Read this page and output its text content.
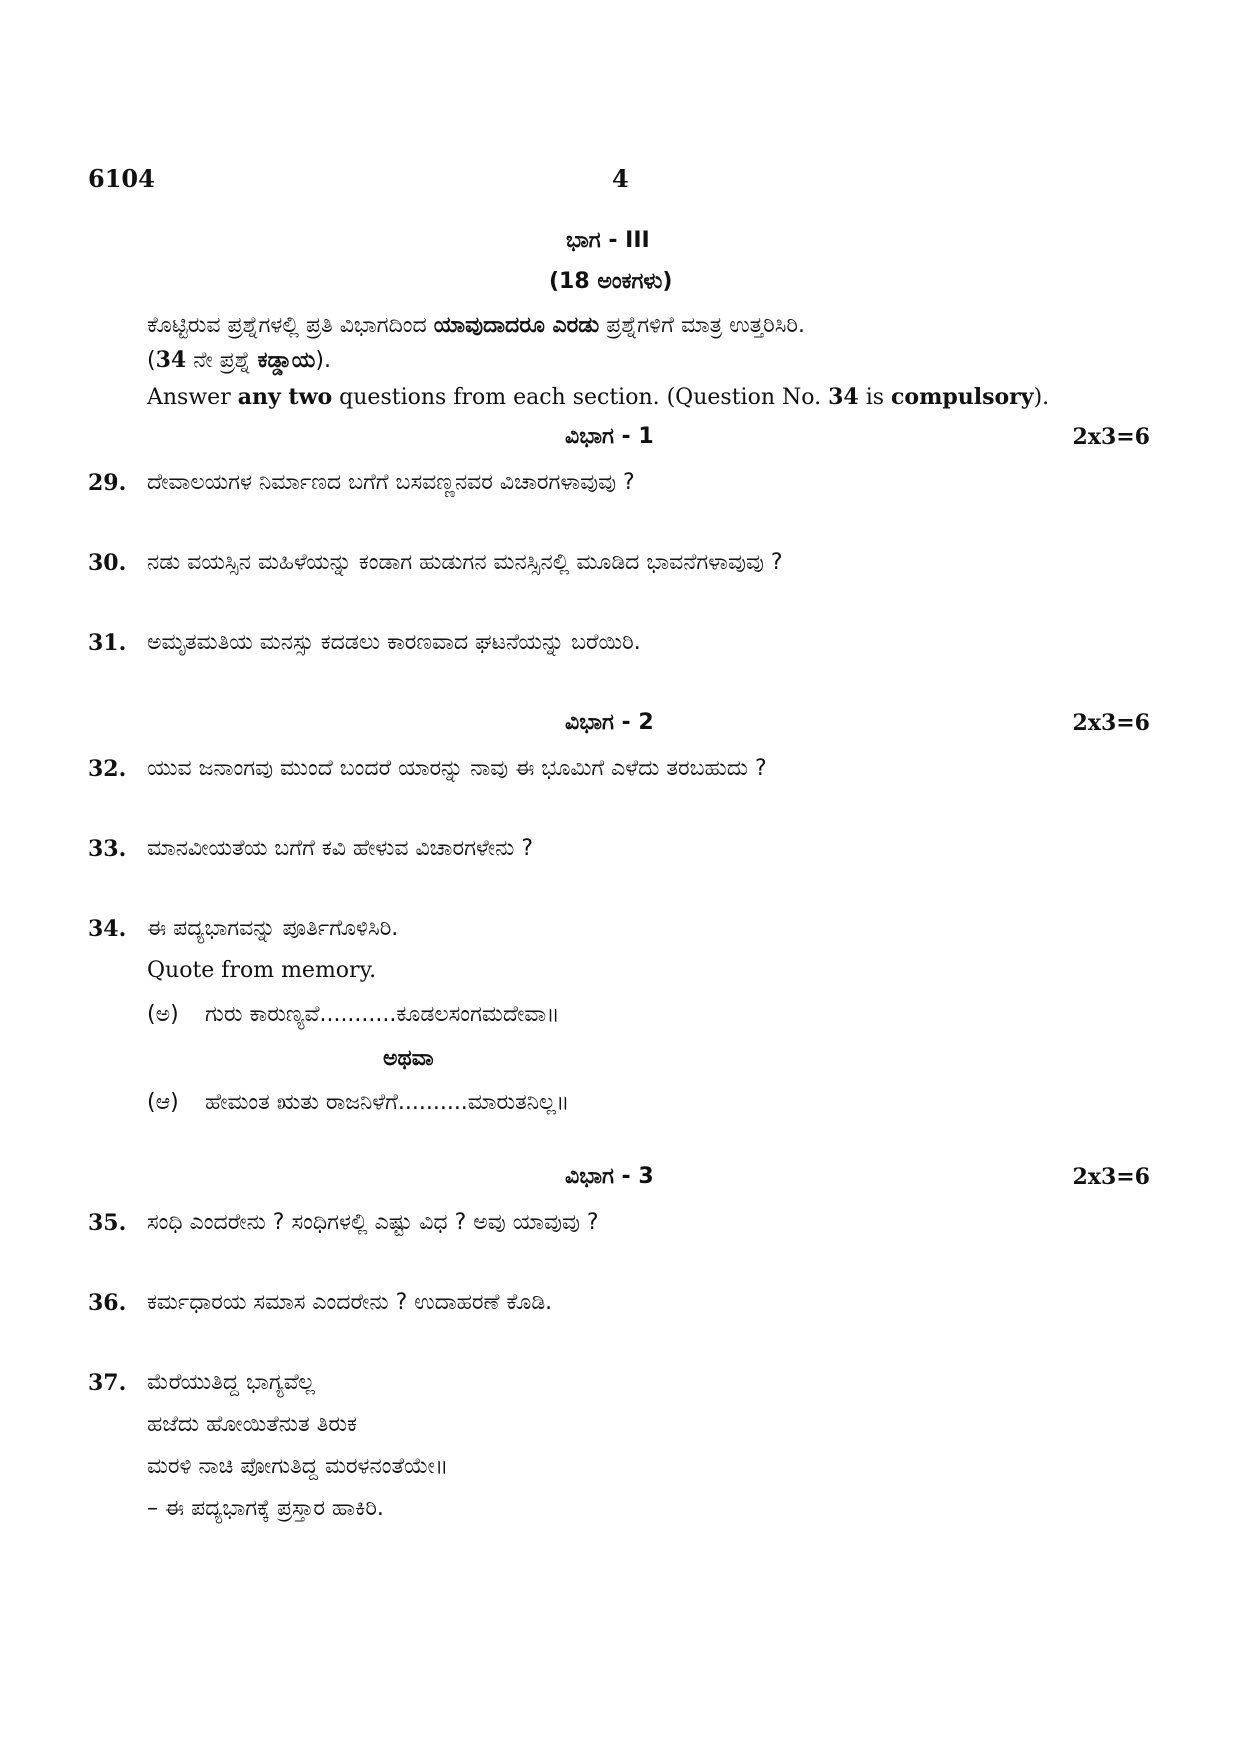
6104	4
ಭಾಗ - III
(18 ಅಂಕಗಳು)
ಕೊಟ್ಟಿರುವ ಪ್ರಶ್ನೆಗಳಲ್ಲಿ ಪ್ರತಿ ವಿಭಾಗದಿಂದ ಯಾವುದಾದರೂ ಎರಡು ಪ್ರಶ್ನೆಗಳಿಗೆ ಮಾತ್ರ ಉತ್ತರಿಸಿರಿ.
(34 ನೇ ಪ್ರಶ್ನೆ ಕಡ್ಡಾಯ).
Answer any two questions from each section. (Question No. 34 is compulsory).
ವಿಭಾಗ - 1	2x3=6
29. ದೇವಾಲಯಗಳ ನಿರ್ಮಾಣದ ಬಗೆಗೆ ಬಸವಣ್ಣನವರ ವಿಚಾರಗಳಾವುವು ?
30. ನಡು ವಯಸ್ಸಿನ ಮಹಿಳೆಯನ್ನು ಕಂಡಾಗ ಹುಡುಗನ ಮನಸ್ಸಿನಲ್ಲಿ ಮೂಡಿದ ಭಾವನೆಗಳಾವುವು ?
31. ಅಮೃತಮತಿಯ ಮನಸ್ಸು ಕದಡಲು ಕಾರಣವಾದ ಘಟನೆಯನ್ನು ಬರೆಯಿರಿ.
ವಿಭಾಗ - 2	2x3=6
32. ಯುವ ಜನಾಂಗವು ಮುಂದೆ ಬಂದರೆ ಯಾರನ್ನು ನಾವು ಈ ಭೂಮಿಗೆ ಎಳೆದು ತರಬಹುದು ?
33. ಮಾನವೀಯತೆಯ ಬಗೆಗೆ ಕವಿ ಹೇಳುವ ವಿಚಾರಗಳೇನು ?
34. ಈ ಪದ್ಯಭಾಗವನ್ನು ಪೂರ್ತಿಗೊಳಿಸಿರಿ.
Quote from memory.
(ಅ) ಗುರು ಕಾರುಣ್ಯವೆ...........ಕೂಡಲಸಂಗಮದೇವಾ॥
ಅಥವಾ
(ಆ) ಹೇಮಂತ ಋತು ರಾಜನಿಳೆಗೆ..........ಮಾರುತನಿಲ್ಲ॥
ವಿಭಾಗ - 3	2x3=6
35. ಸಂಧಿ ಎಂದರೇನು ? ಸಂಧಿಗಳಲ್ಲಿ ಎಷ್ಟು ವಿಧ ? ಅವು ಯಾವುವು ?
36. ಕರ್ಮಧಾರಯ ಸಮಾಸ ಎಂದರೇನು ? ಉದಾಹರಣೆ ಕೊಡಿ.
37. ಮೆರೆಯುತಿದ್ದ ಭಾಗ್ಯವೆಲ್ಲ
ಹಜೆದು ಹೋಯಿತೆನುತ ತಿರುಕ
ಮರಳಿ ನಾಚಿ ಪೋಗುತಿದ್ದ ಮರಳನಂತೆಯೇ॥
– ಈ ಪದ್ಯಭಾಗಕ್ಕೆ ಪ್ರಸ್ತಾರ ಹಾಕಿರಿ.
